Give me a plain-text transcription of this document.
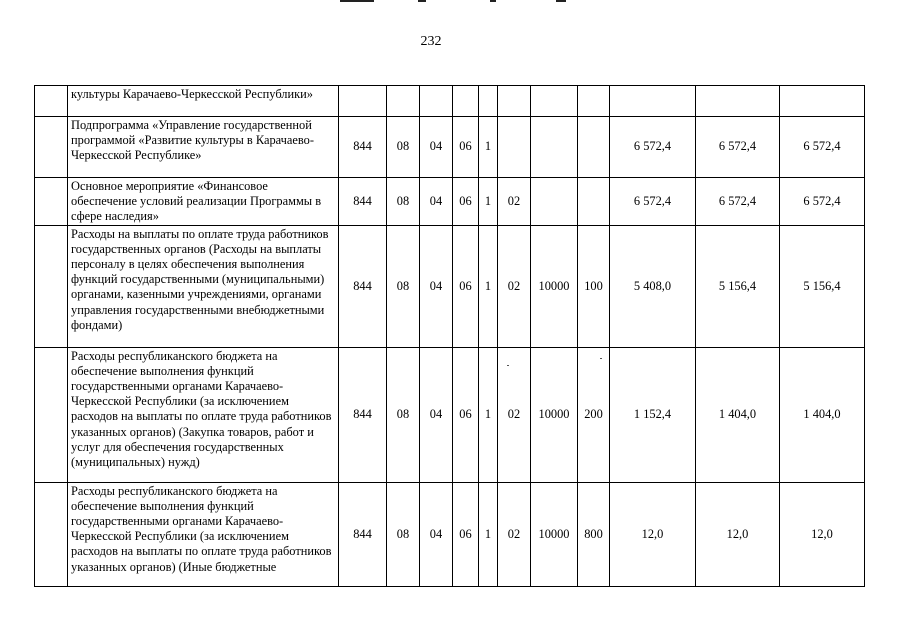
232
	культуры Карачаево-Черкесской Республики»											
	Подпрограмма «Управление государственной программой «Развитие культуры в Карачаево-Черкесской Республике»	844	08	04	06	1				6 572,4	6 572,4	6 572,4
	Основное мероприятие «Финансовое обеспечение условий реализации Программы в сфере наследия»	844	08	04	06	1	02			6 572,4	6 572,4	6 572,4
	Расходы на выплаты по оплате труда работников государственных органов (Расходы на выплаты персоналу в целях обеспечения выполнения функций государственными (муниципальными) органами, казенными учреждениями, органами управления государственными внебюджетными фондами)	844	08	04	06	1	02	10000	100	5 408,0	5 156,4	5 156,4
	Расходы республиканского бюджета на обеспечение выполнения функций государственными органами Карачаево-Черкесской Республики (за исключением расходов на выплаты по оплате труда работников указанных органов) (Закупка товаров, работ и услуг для обеспечения государственных (муниципальных) нужд)	844	08	04	06	1	02	10000	200	1 152,4	1 404,0	1 404,0
	Расходы республиканского бюджета на обеспечение выполнения функций государственными органами Карачаево-Черкесской Республики (за исключением расходов на выплаты по оплате труда работников указанных органов) (Иные бюджетные	844	08	04	06	1	02	10000	800	12,0	12,0	12,0
